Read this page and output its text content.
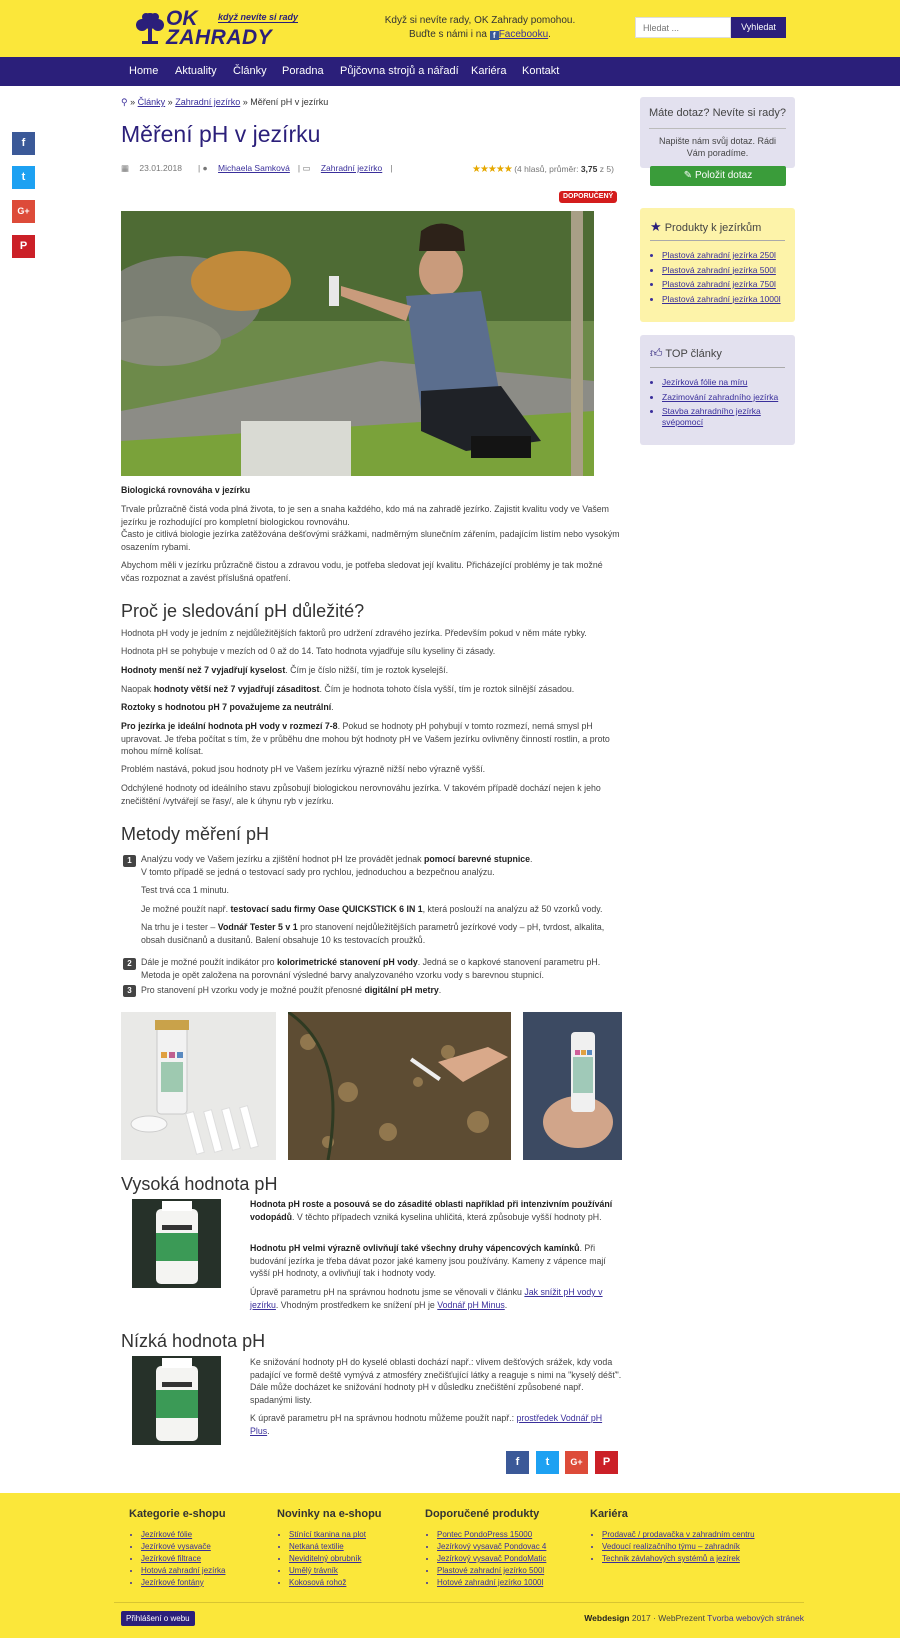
OK když nevíte si rady
ZAHRADY
Když si nevíte rady, OK Zahrady pomohou.
Buďte s námi i na f Facebooku.
Hledat ...
Vyhledat
Home Aktuality Články Poradna Půjčovna strojů a nářadí Kariéra Kontakt
f
t
G+
P
⚲ » Články » Zahradní jezírko » Měření pH v jezírku
Měření pH v jezírku
▦ 23.01.2018 | ● Michaela Samková | ▭ Zahradní jezírko |	★★★★★ (4 hlasů, průměr: 3,75 z 5)
DOPORUČENÝ
Biologická rovnováha v jezírku
Trvale průzračně čistá voda plná života, to je sen a snaha každého, kdo má na zahradě jezírko. Zajistit kvalitu vody ve Vašem jezírku je rozhodující pro kompletní biologickou rovnováhu.
Často je citlivá biologie jezírka zatěžována dešťovými srážkami, nadměrným slunečním zářením, padajícím listím nebo vysokým osazením rybami.
Abychom měli v jezírku průzračně čistou a zdravou vodu, je potřeba sledovat její kvalitu. Přicházející problémy je tak možné včas rozpoznat a zavést příslušná opatření.
Proč je sledování pH důležité?
Hodnota pH vody je jedním z nejdůležitějších faktorů pro udržení zdravého jezírka. Především pokud v něm máte rybky.
Hodnota pH se pohybuje v mezích od 0 až do 14. Tato hodnota vyjadřuje sílu kyseliny či zásady.
Hodnoty menší než 7 vyjadřují kyselost. Čím je číslo nižší, tím je roztok kyselejší.
Naopak hodnoty větší než 7 vyjadřují zásaditost. Čím je hodnota tohoto čísla vyšší, tím je roztok silnější zásadou.
Roztoky s hodnotou pH 7 považujeme za neutrální.
Pro jezírka je ideální hodnota pH vody v rozmezí 7-8. Pokud se hodnoty pH pohybují v tomto rozmezí, nemá smysl pH upravovat. Je třeba počítat s tím, že v průběhu dne mohou být hodnoty pH ve Vašem jezírku ovlivněny činností rostlin, a proto mohou mírně kolísat.
Problém nastává, pokud jsou hodnoty pH ve Vašem jezírku výrazně nižší nebo výrazně vyšší.
Odchýlené hodnoty od ideálního stavu způsobují biologickou nerovnováhu jezírka. V takovém případě dochází nejen k jeho znečištění /vytvářejí se řasy/, ale k úhynu ryb v jezírku.
Metody měření pH
1	Analýzu vody ve Vašem jezírku a zjištění hodnot pH lze provádět jednak pomocí barevné stupnice.
V tomto případě se jedná o testovací sady pro rychlou, jednoduchou a bezpečnou analýzu.
Test trvá cca 1 minutu.
Je možné použít např. testovací sadu firmy Oase QUICKSTICK 6 IN 1, která poslouží na analýzu až 50 vzorků vody.
Na trhu je i tester – Vodnář Tester 5 v 1 pro stanovení nejdůležitějších parametrů jezírkové vody – pH, tvrdost, alkalita, obsah dusičnanů a dusitanů. Balení obsahuje 10 ks testovacích proužků.
2	Dále je možné použít indikátor pro kolorimetrické stanovení pH vody. Jedná se o kapkové stanovení parametru pH. Metoda je opět založena na porovnání výsledné barvy analyzovaného vzorku vody s barevnou stupnicí.
3	Pro stanovení pH vzorku vody je možné použít přenosné digitální pH metry.
Vysoká hodnota pH
Hodnota pH roste a posouvá se do zásadité oblasti například při intenzivním používání vodopádů. V těchto případech vzniká kyselina uhličitá, která způsobuje vyšší hodnoty pH.
Hodnotu pH velmi výrazně ovlivňují také všechny druhy vápencových kamínků. Při budování jezírka je třeba dávat pozor jaké kameny jsou používány. Kameny z vápence mají vyšší pH hodnoty, a ovlivňují tak i hodnoty vody.
Úpravě parametru pH na správnou hodnotu jsme se věnovali v článku Jak snížit pH vody v jezírku. Vhodným prostředkem ke snížení pH je Vodnář pH Minus.
Nízká hodnota pH
Ke snižování hodnoty pH do kyselé oblasti dochází např.: vlivem dešťových srážek, kdy voda padající ve formě deště vymývá z atmosféry znečišťující látky a reaguje s nimi na "kyselý déšť". Dále může docházet ke snižování hodnoty pH v důsledku znečištění způsobené např. spadanými listy.
K úpravě parametru pH na správnou hodnotu můžeme použít např.: prostředek Vodnář pH Plus.
f	t	G+	P
Máte dotaz? Nevíte si rady?
Napište nám svůj dotaz. Rádi Vám poradíme.
✎ Položit dotaz
★ Produkty k jezírkům
• Plastová zahradní jezírka 250l
• Plastová zahradní jezírka 500l
• Plastová zahradní jezírka 750l
• Plastová zahradní jezírka 1000l
👍︎ TOP články
• Jezírková fólie na míru
• Zazimování zahradního jezírka
• Stavba zahradního jezírka svépomocí
Kategorie e-shopu
• Jezírkové fólie
• Jezírkové vysavače
• Jezírkové filtrace
• Hotová zahradní jezírka
• Jezírkové fontány
Novinky na e-shopu
• Stínící tkanina na plot
• Netkaná textilie
• Neviditelný obrubník
• Umělý trávník
• Kokosová rohož
Doporučené produkty
• Pontec PondoPress 15000
• Jezírkový vysavač Pondovac 4
• Jezírkový vysavač PondoMatic
• Plastové zahradní jezírko 500l
• Hotové zahradní jezírko 1000l
Kariéra
• Prodavač / prodavačka v zahradním centru
• Vedoucí realizačního týmu – zahradník
• Technik závlahových systémů a jezírek
Přihlášení o webu	Webdesign 2017 · WebPrezent Tvorba webových stránek
